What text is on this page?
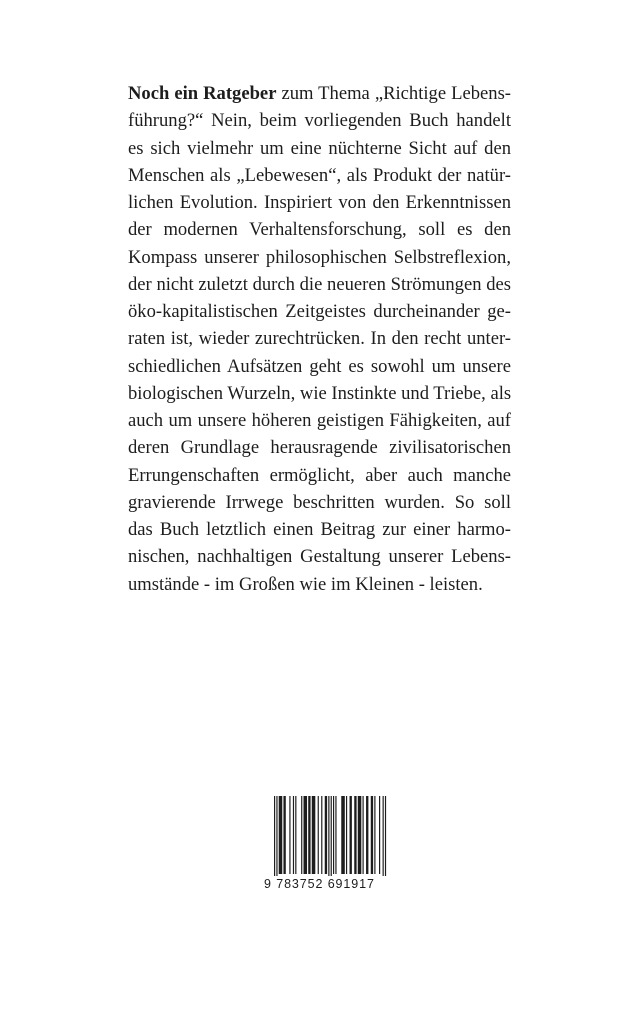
Noch ein Ratgeber zum Thema „Richtige Lebens-
führung?“ Nein, beim vorliegenden Buch handelt
es sich vielmehr um eine nüchterne Sicht auf den
Menschen als „Lebewesen“, als Produkt der natür-
lichen Evolution. Inspiriert von den Erkenntnissen
der modernen Verhaltensforschung, soll es den
Kompass unserer philosophischen Selbstreflexion,
der nicht zuletzt durch die neueren Strömungen des
öko-kapitalistischen Zeitgeistes durcheinander ge-
raten ist, wieder zurechtrücken. In den recht unter-
schiedlichen Aufsätzen geht es sowohl um unsere
biologischen Wurzeln, wie Instinkte und Triebe, als
auch um unsere höheren geistigen Fähigkeiten, auf
deren Grundlage herausragende zivilisatorischen
Errungenschaften ermöglicht, aber auch manche
gravierende Irrwege beschritten wurden. So soll
das Buch letztlich einen Beitrag zur einer harmo-
nischen, nachhaltigen Gestaltung unserer Lebens-
umstände - im Großen wie im Kleinen - leisten.
9 783752 691917
